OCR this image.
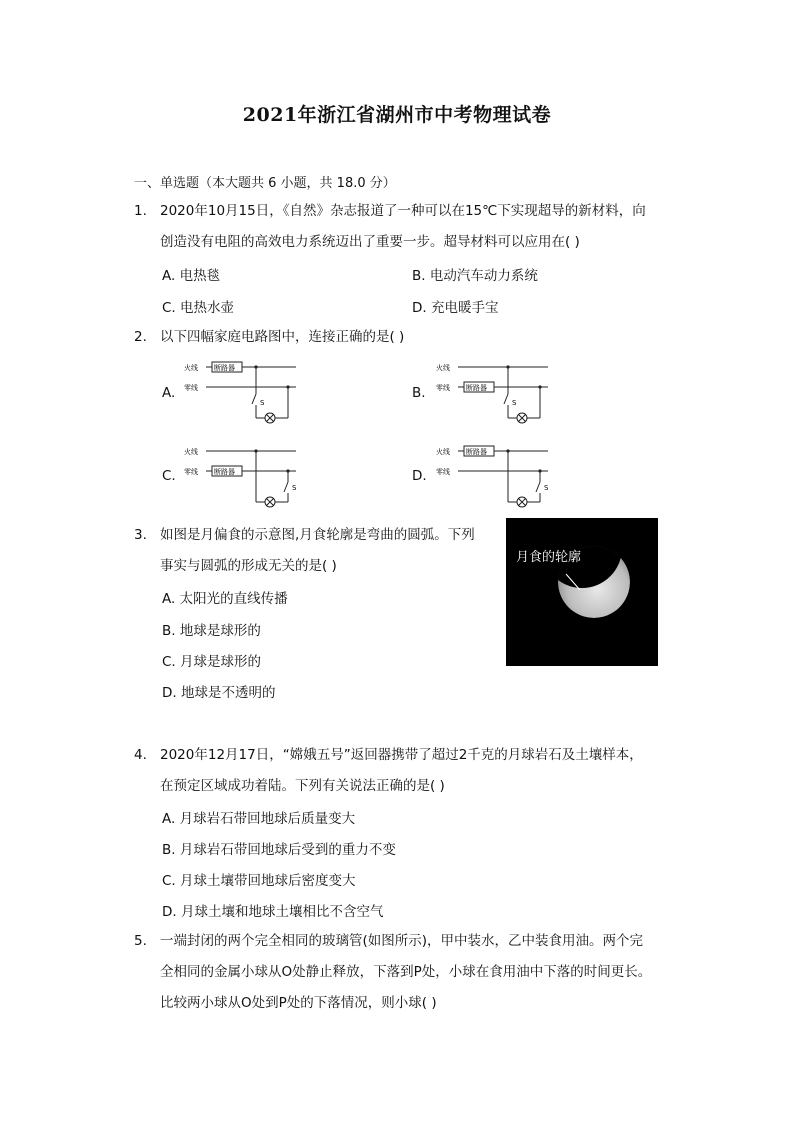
2021年浙江省湖州市中考物理试卷
一、单选题（本大题共 6 小题，共 18.0 分）
1. 2020年10月15日，《自然》杂志报道了一种可以在15℃下实现超导的新材料，向
创造没有电阻的高效电力系统迈出了重要一步。超导材料可以应用在( )
A. 电热毯	B. 电动汽车动力系统
C. 电热水壶	D. 充电暖手宝
2. 以下四幅家庭电路图中，连接正确的是( )
A.	B.
C.	D.
火线
零线
断路器
S
火线
零线 断路器
S
火线
零线 断路器
S
火线
零线
断路器
S
3. 如图是月偏食的示意图,月食轮廓是弯曲的圆弧。下列
事实与圆弧的形成无关的是( )
A. 太阳光的直线传播
B. 地球是球形的
C. 月球是球形的
D. 地球是不透明的
月食的轮廓
4. 2020年12月17日，“嫦娥五号”返回器携带了超过2千克的月球岩石及土壤样本，
在预定区域成功着陆。下列有关说法正确的是( )
A. 月球岩石带回地球后质量变大
B. 月球岩石带回地球后受到的重力不变
C. 月球土壤带回地球后密度变大
D. 月球土壤和地球土壤相比不含空气
5. 一端封闭的两个完全相同的玻璃管(如图所示)，甲中装水，乙中装食用油。两个完
全相同的金属小球从O处静止释放，下落到P处，小球在食用油中下落的时间更长。
比较两小球从O处到P处的下落情况，则小球( )
